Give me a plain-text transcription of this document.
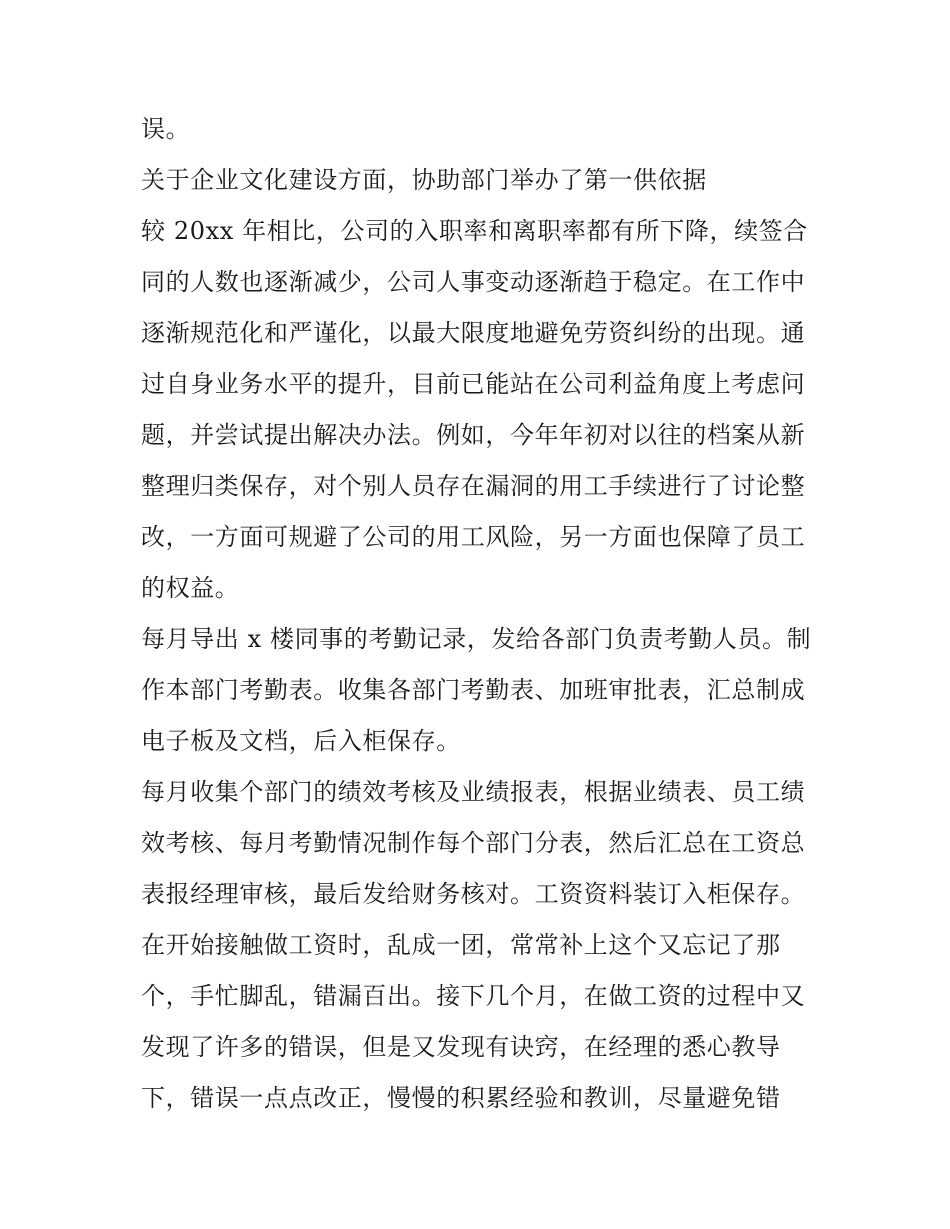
误。
关于企业文化建设方面，协助部门举办了第一供依据
较 20xx 年相比，公司的入职率和离职率都有所下降，续签合
同的人数也逐渐减少，公司人事变动逐渐趋于稳定。在工作中
逐渐规范化和严谨化，以最大限度地避免劳资纠纷的出现。通
过自身业务水平的提升，目前已能站在公司利益角度上考虑问
题，并尝试提出解决办法。例如，今年年初对以往的档案从新
整理归类保存，对个别人员存在漏洞的用工手续进行了讨论整
改，一方面可规避了公司的用工风险，另一方面也保障了员工
的权益。
每月导出 x 楼同事的考勤记录，发给各部门负责考勤人员。制
作本部门考勤表。收集各部门考勤表、加班审批表，汇总制成
电子板及文档，后入柜保存。
每月收集个部门的绩效考核及业绩报表，根据业绩表、员工绩
效考核、每月考勤情况制作每个部门分表，然后汇总在工资总
表报经理审核，最后发给财务核对。工资资料装订入柜保存。
在开始接触做工资时，乱成一团，常常补上这个又忘记了那
个，手忙脚乱，错漏百出。接下几个月，在做工资的过程中又
发现了许多的错误，但是又发现有诀窍，在经理的悉心教导
下，错误一点点改正，慢慢的积累经验和教训，尽量避免错
